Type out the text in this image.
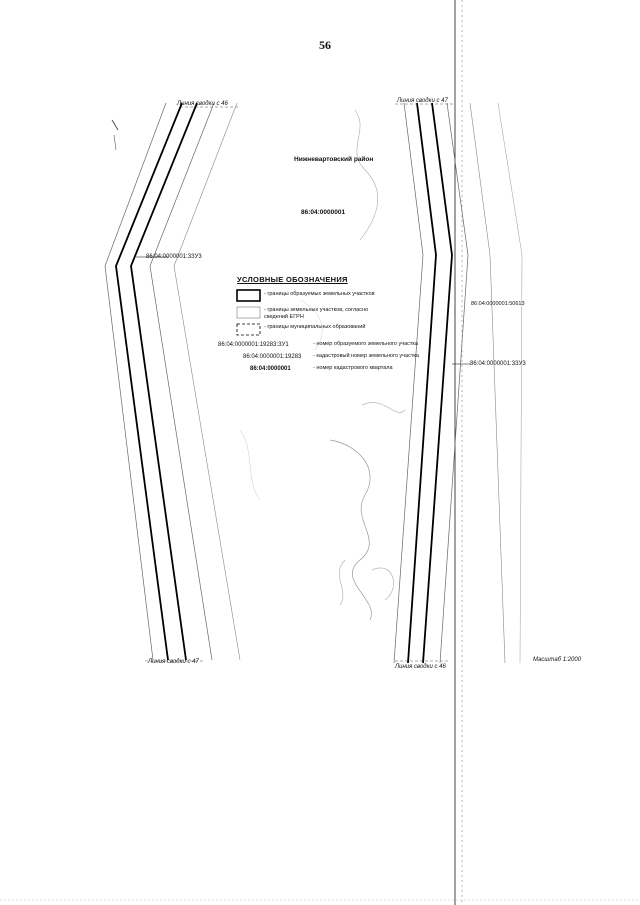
56
Линия сводки с 46	Линия сводки с 47
Линия сводки с 47
Линия сводки с 46
Масштаб 1:2000
Нижневартовский район
86:04:0000001
86:04:0000001:3ЗУ3
86:04:0000001:3ЗУ3
86:04:0000001:50613
УСЛОВНЫЕ ОБОЗНАЧЕНИЯ
- границы образуемых земельных участков
- границы земельных участков, согласно сведений ЕГРН
- границы муниципальных образований
86:04:0000001:19283:ЗУ1	- номер образуемого земельного участка
86:04:0000001:19283 - кадастровый номер земельного участка
86:04:0000001	- номер кадастрового квартала
